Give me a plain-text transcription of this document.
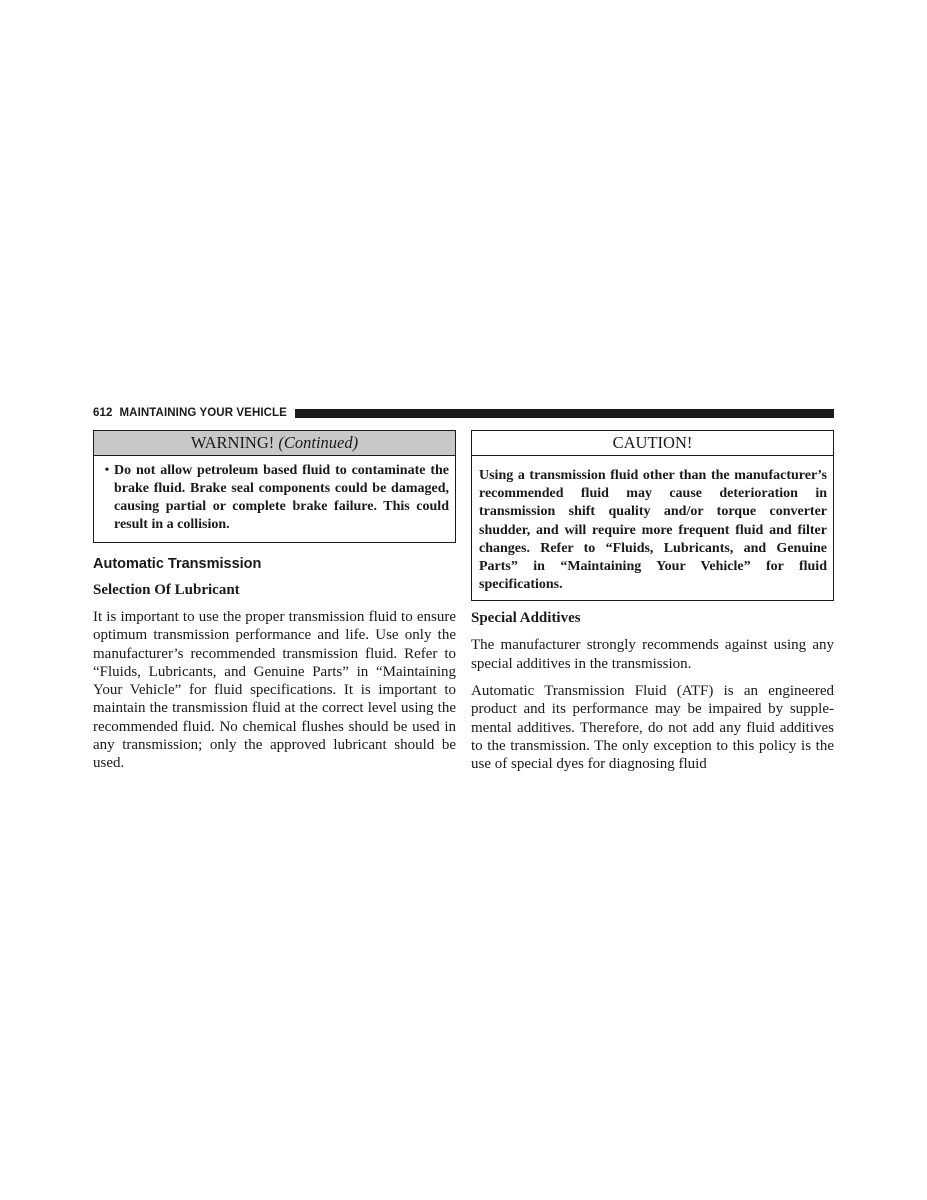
612 MAINTAINING YOUR VEHICLE
WARNING! (Continued)
• Do not allow petroleum based fluid to contaminate the brake fluid. Brake seal components could be damaged, causing partial or complete brake failure. This could result in a collision.
Automatic Transmission
Selection Of Lubricant

It is important to use the proper transmission fluid to ensure optimum transmission performance and life. Use only the manufacturer’s recommended transmission fluid. Refer to “Fluids, Lubricants, and Genuine Parts” in “Maintaining Your Vehicle” for fluid specifications. It is important to maintain the transmission fluid at the correct level using the recommended fluid. No chemical flushes should be used in any transmission; only the approved lubricant should be used.

CAUTION!
Using a transmission fluid other than the manufacturer’s recommended fluid may cause deterioration in transmission shift quality and/or torque converter shudder, and will require more frequent fluid and filter changes. Refer to “Fluids, Lubricants, and Genuine Parts” in “Maintaining Your Vehicle” for fluid specifications.
Special Additives

The manufacturer strongly recommends against using any special additives in the transmission.

Automatic Transmission Fluid (ATF) is an engineered product and its performance may be impaired by supplemental additives. Therefore, do not add any fluid additives to the transmission. The only exception to this policy is the use of special dyes for diagnosing fluid
